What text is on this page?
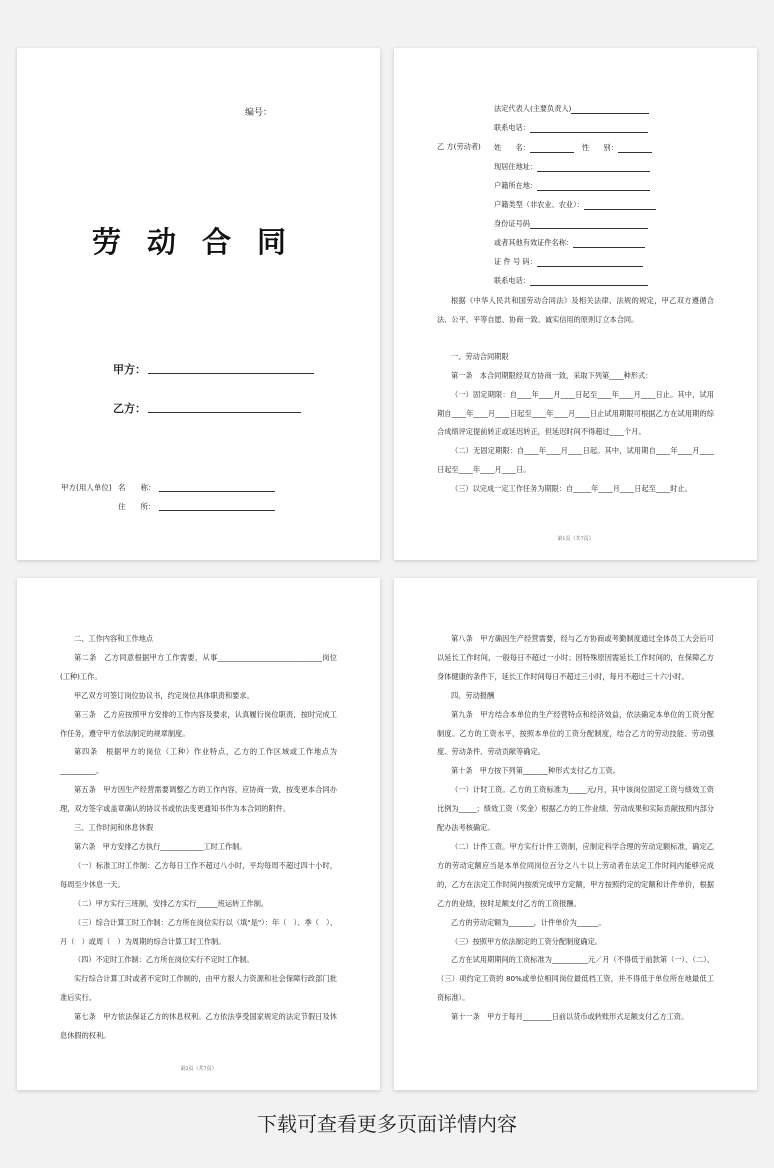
编号：
劳动合同
甲方：
乙方：
甲方(用人单位) 名　　称：
住　　所：
法定代表人(主要负责人)
联系电话：
乙 方(劳动者) 姓　　名：	性　　别：
现居住地址：
户籍所在地：
户籍类型（非农业、农业）：
身份证号码
或者其他有效证件名称：
证 件 号 码：
联系电话：

根据《中华人民共和国劳动合同法》及相关法律、法规的规定，甲乙双方遵循合法、公平、平等自愿、协商一致、诚实信用的原则订立本合同。

一、劳动合同期限

第一条　本合同期限经双方协商一致，采取下列第____种形式：

（一）固定期限：自____年____月____日起至____年____月____日止。其中，试用期自____年____月____日起至____年____月____日止试用期限可根据乙方在试用期的综合成绩评定提前转正或延迟转正，但延迟时间不得超过____个月。

（二）无固定期限：自____年____月____日起。其中，试用期自____年____月____日起至____年____月____日。

（三）以完成一定工作任务为期限：自_____年____月____日起至____时止。

第1页（共7页）

二、工作内容和工作地点

第二条　乙方同意根据甲方工作需要，从事_____________________________岗位(工种)工作。

甲乙双方可签订岗位协议书，约定岗位具体职责和要求。

第三条　乙方应按照甲方安排的工作内容及要求，认真履行岗位职责，按时完成工作任务，遵守甲方依法制定的规章制度。

第四条　根据甲方的岗位（工种）作业特点，乙方的工作区域或工作地点为__________。

第五条　甲方因生产经营需要调整乙方的工作内容，应协商一致，按变更本合同办理，双方签字或盖章确认的协议书或依法变更通知书作为本合同的附件。

三、工作时间和休息休假

第六条　甲方安排乙方执行____________工时工作制。

（一）标准工时工作制：乙方每日工作不超过八小时，平均每周不超过四十小时，每周至少休息一天。

（二）甲方实行三班制，安排乙方实行______班运转工作制。

（三）综合计算工时工作制：乙方所在岗位实行以（填"是"）：年（　）、季（　）、月（　）或周（　）为周期的综合计算工时工作制。

（四）不定时工作制：乙方所在岗位实行不定时工作制。

实行综合计算工时或者不定时工作制的，由甲方报人力资源和社会保障行政部门批准后实行。

第七条　甲方依法保证乙方的休息权利。乙方依法享受国家规定的法定节假日及休息休假的权利。

第2页（共7页）

第八条　甲方确因生产经营需要，经与乙方协商或考勤制度通过全体员工大会后可以延长工作时间，一般每日不超过一小时；因特殊原因需延长工作时间的，在保障乙方身体健康的条件下，延长工作时间每日不超过三小时，每月不超过三十六小时。

四、劳动报酬

第九条　甲方结合本单位的生产经营特点和经济效益，依法确定本单位的工资分配制度。乙方的工资水平，按照本单位的工资分配制度，结合乙方的劳动技能、劳动强度、劳动条件、劳动贡献等确定。

第十条　甲方按下列第_______种形式支付乙方工资。

（一）计时工资。乙方的工资标准为_____元/月，其中该岗位固定工资与绩效工资比例为_____；绩效工资（奖金）根据乙方的工作业绩、劳动成果和实际贡献按照内部分配办法考核确定。

（二）计件工资。甲方实行计件工资制，应制定科学合理的劳动定额标准，确定乙方的劳动定额应当是本单位同岗位百分之八十以上劳动者在法定工作时间内能够完成的，乙方在法定工作时间内按质完成甲方定额，甲方按照约定的定额和计件单价，根据乙方的业绩，按时足额支付乙方的工资报酬。

乙方的劳动定额为_______，计件单价为______。

（三）按照甲方依法制定的工资分配制度确定。

乙方在试用期期间的工资标准为__________元／月（不得低于前款第（一）、（二）、（三）项约定工资的 80%或单位相同岗位最低档工资，并不得低于单位所在地最低工资标准）。

第十一条　甲方于每月________日前以货币或转账形式足额支付乙方工资。

下载可查看更多页面详情内容
